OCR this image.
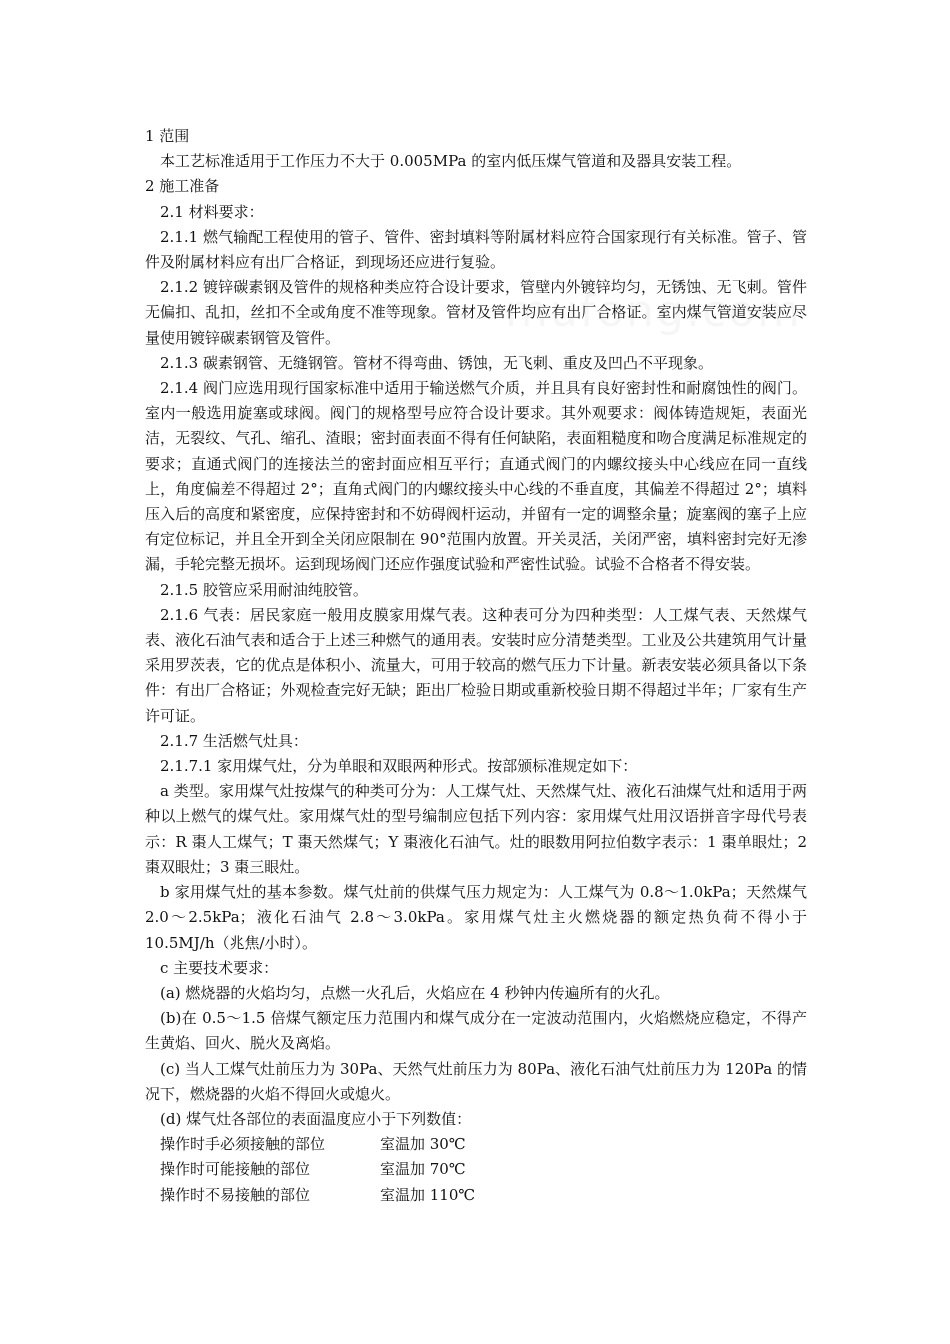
1 范围
本工艺标准适用于工作压力不大于 0.005MPa 的室内低压煤气管道和及器具安装工程。
2 施工准备
2.1 材料要求：
2.1.1 燃气输配工程使用的管子、管件、密封填料等附属材料应符合国家现行有关标准。管子、管件及附属材料应有出厂合格证，到现场还应进行复验。
2.1.2 镀锌碳素钢及管件的规格种类应符合设计要求，管壁内外镀锌均匀，无锈蚀、无飞刺。管件无偏扣、乱扣，丝扣不全或角度不准等现象。管材及管件均应有出厂合格证。室内煤气管道安装应尽量使用镀锌碳素钢管及管件。
2.1.3 碳素钢管、无缝钢管。管材不得弯曲、锈蚀，无飞刺、重皮及凹凸不平现象。
2.1.4 阀门应选用现行国家标准中适用于输送燃气介质，并且具有良好密封性和耐腐蚀性的阀门。室内一般选用旋塞或球阀。阀门的规格型号应符合设计要求。其外观要求：阀体铸造规矩，表面光洁，无裂纹、气孔、缩孔、渣眼；密封面表面不得有任何缺陷，表面粗糙度和吻合度满足标准规定的要求；直通式阀门的连接法兰的密封面应相互平行；直通式阀门的内螺纹接头中心线应在同一直线上，角度偏差不得超过 2°；直角式阀门的内螺纹接头中心线的不垂直度，其偏差不得超过 2°；填料压入后的高度和紧密度，应保持密封和不妨碍阀杆运动，并留有一定的调整余量；旋塞阀的塞子上应有定位标记，并且全开到全关闭应限制在 90°范围内放置。开关灵活，关闭严密，填料密封完好无渗漏，手轮完整无损坏。运到现场阀门还应作强度试验和严密性试验。试验不合格者不得安装。
2.1.5 胶管应采用耐油纯胶管。
2.1.6 气表：居民家庭一般用皮膜家用煤气表。这种表可分为四种类型：人工煤气表、天然煤气表、液化石油气表和适合于上述三种燃气的通用表。安装时应分清楚类型。工业及公共建筑用气计量采用罗茨表，它的优点是体积小、流量大，可用于较高的燃气压力下计量。新表安装必须具备以下条件：有出厂合格证；外观检查完好无缺；距出厂检验日期或重新校验日期不得超过半年；厂家有生产许可证。
2.1.7 生活燃气灶具：
2.1.7.1 家用煤气灶，分为单眼和双眼两种形式。按部颁标准规定如下：
a 类型。家用煤气灶按煤气的种类可分为：人工煤气灶、天然煤气灶、液化石油煤气灶和适用于两种以上燃气的煤气灶。家用煤气灶的型号编制应包括下列内容：家用煤气灶用汉语拼音字母代号表示：R 棗人工煤气；T 棗天然煤气；Y 棗液化石油气。灶的眼数用阿拉伯数字表示：1 棗单眼灶；2 棗双眼灶；3 棗三眼灶。
b 家用煤气灶的基本参数。煤气灶前的供煤气压力规定为：人工煤气为 0.8～1.0kPa；天然煤气 2.0～2.5kPa；液化石油气 2.8～3.0kPa。家用煤气灶主火燃烧器的额定热负荷不得小于 10.5MJ/h（兆焦/小时）。
c 主要技术要求：
(a) 燃烧器的火焰均匀，点燃一火孔后，火焰应在 4 秒钟内传遍所有的火孔。
(b)在 0.5～1.5 倍煤气额定压力范围内和煤气成分在一定波动范围内，火焰燃烧应稳定，不得产生黄焰、回火、脱火及离焰。
(c) 当人工煤气灶前压力为 30Pa、天然气灶前压力为 80Pa、液化石油气灶前压力为 120Pa 的情况下，燃烧器的火焰不得回火或熄火。
(d) 煤气灶各部位的表面温度应小于下列数值：
操作时手必须接触的部位	室温加 30℃
操作时可能接触的部位	室温加 70℃
操作时不易接触的部位	室温加 110℃
